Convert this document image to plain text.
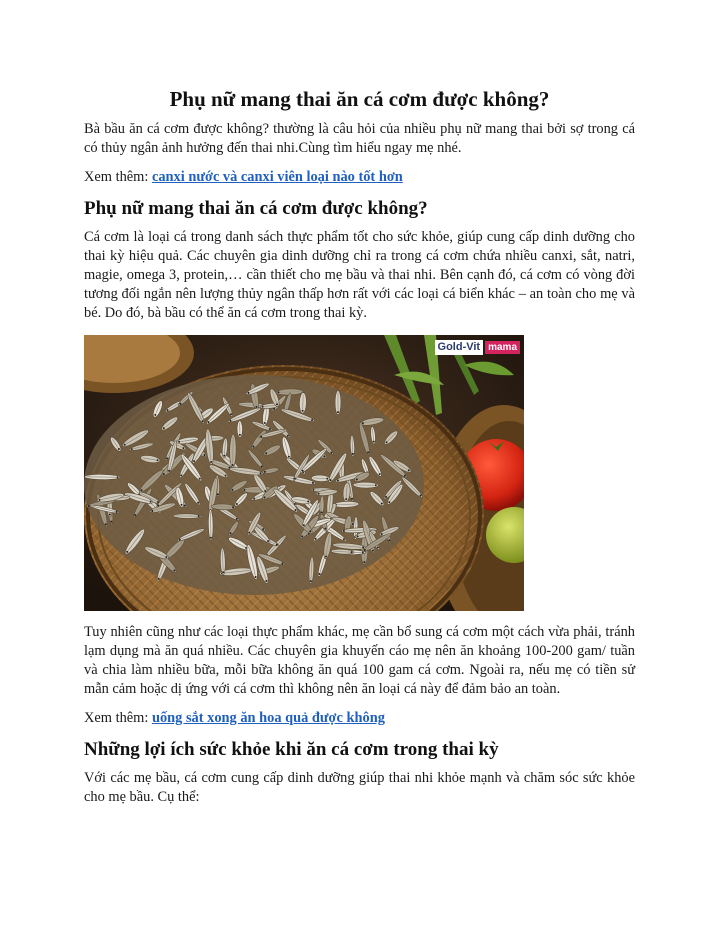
Phụ nữ mang thai ăn cá cơm được không?

Bà bầu ăn cá cơm được không? thường là câu hỏi của nhiều phụ nữ mang thai bởi sợ trong cá có thủy ngân ảnh hưởng đến thai nhi.Cùng tìm hiểu ngay mẹ nhé.

Xem thêm: canxi nước và canxi viên loại nào tốt hơn
Phụ nữ mang thai ăn cá cơm được không?

Cá cơm là loại cá trong danh sách thực phẩm tốt cho sức khỏe, giúp cung cấp dinh dưỡng cho thai kỳ hiệu quả. Các chuyên gia dinh dưỡng chỉ ra trong cá cơm chứa nhiều canxi, sắt, natri, magie, omega 3, protein,… cần thiết cho mẹ bầu và thai nhi. Bên cạnh đó, cá cơm có vòng đời tương đối ngắn nên lượng thủy ngân thấp hơn rất với các loại cá biển khác – an toàn cho mẹ và bé. Do đó, bà bầu có thể ăn cá cơm trong thai kỳ.

Gold-Vit mama

Tuy nhiên cũng như các loại thực phẩm khác, mẹ cần bổ sung cá cơm một cách vừa phải, tránh lạm dụng mà ăn quá nhiều. Các chuyên gia khuyến cáo mẹ nên ăn khoảng 100-200 gam/ tuần và chia làm nhiều bữa, mỗi bữa không ăn quá 100 gam cá cơm. Ngoài ra, nếu mẹ có tiền sử mẫn cảm hoặc dị ứng với cá cơm thì không nên ăn loại cá này để đảm bảo an toàn.

Xem thêm: uống sắt xong ăn hoa quả được không
Những lợi ích sức khỏe khi ăn cá cơm trong thai kỳ

Với các mẹ bầu, cá cơm cung cấp dinh dưỡng giúp thai nhi khỏe mạnh và chăm sóc sức khỏe cho mẹ bầu. Cụ thể:
